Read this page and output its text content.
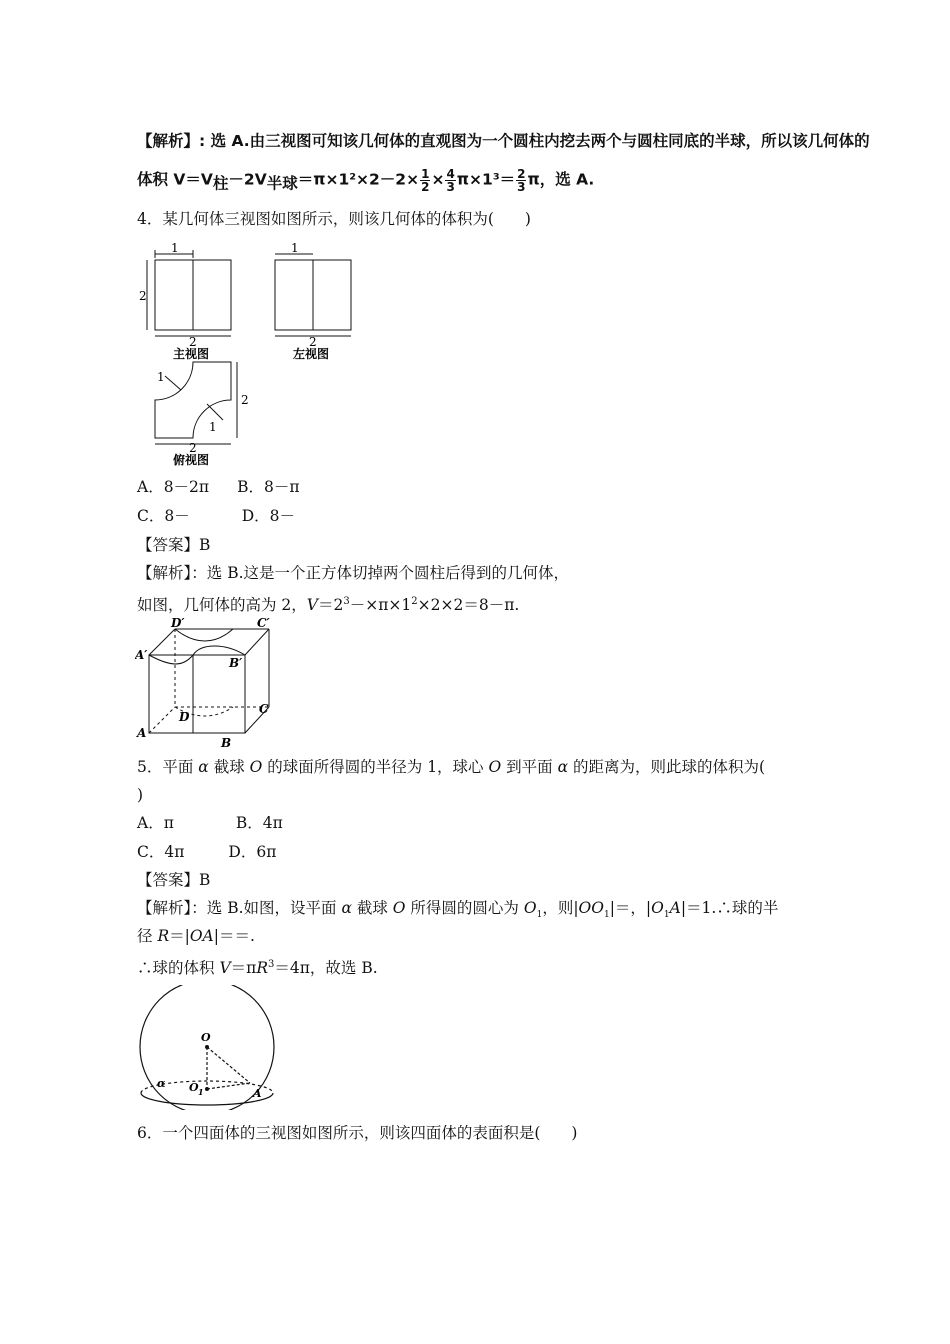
【解析】: 选 A.由三视图可知该几何体的直观图为一个圆柱内挖去两个与圆柱同底的半球，所以该几何体的
体积 $V=V_柱-2V_{半球}=\pi\times 1^2\times 2-2\times \frac{1}{2} \times \frac{4}{3} \pi\times 1^3= \frac{2}{3}$ π，选 A.
4．某几何体三视图如图所示，则该几何体的体积为(　　)
1
2
2
主视图
1
2
左视图
1
2
1
2
俯视图
A．8－2π B．8－π
C．8－	D．8－
【答案】B
【解析】：选 B.这是一个正方体切掉两个圆柱后得到的几何体，
如图，几何体的高为 2，$V=2^3-\times\pi\times 1^2\times 2\times 2=8-\pi$.
A
B
C
D
A′
B′
C′
D′
5．平面 α 截球 O 的球面所得圆的半径为 1，球心 O 到平面 α 的距离为，则此球的体积为(
)
A．π	B．4π
C．4π	D．6π
【答案】B
【解析】：选 B.如图，设平面 α 截球 O 所得圆的圆心为 $O_1$，则$|OO_1|=$，$|O_1A|=1.\therefore$球的半
径 R＝|OA|＝＝.
∴球的体积 $V=\pi R^3=4\pi$，故选 B.
O
O 1	A
α
6．一个四面体的三视图如图所示，则该四面体的表面积是(　　)
